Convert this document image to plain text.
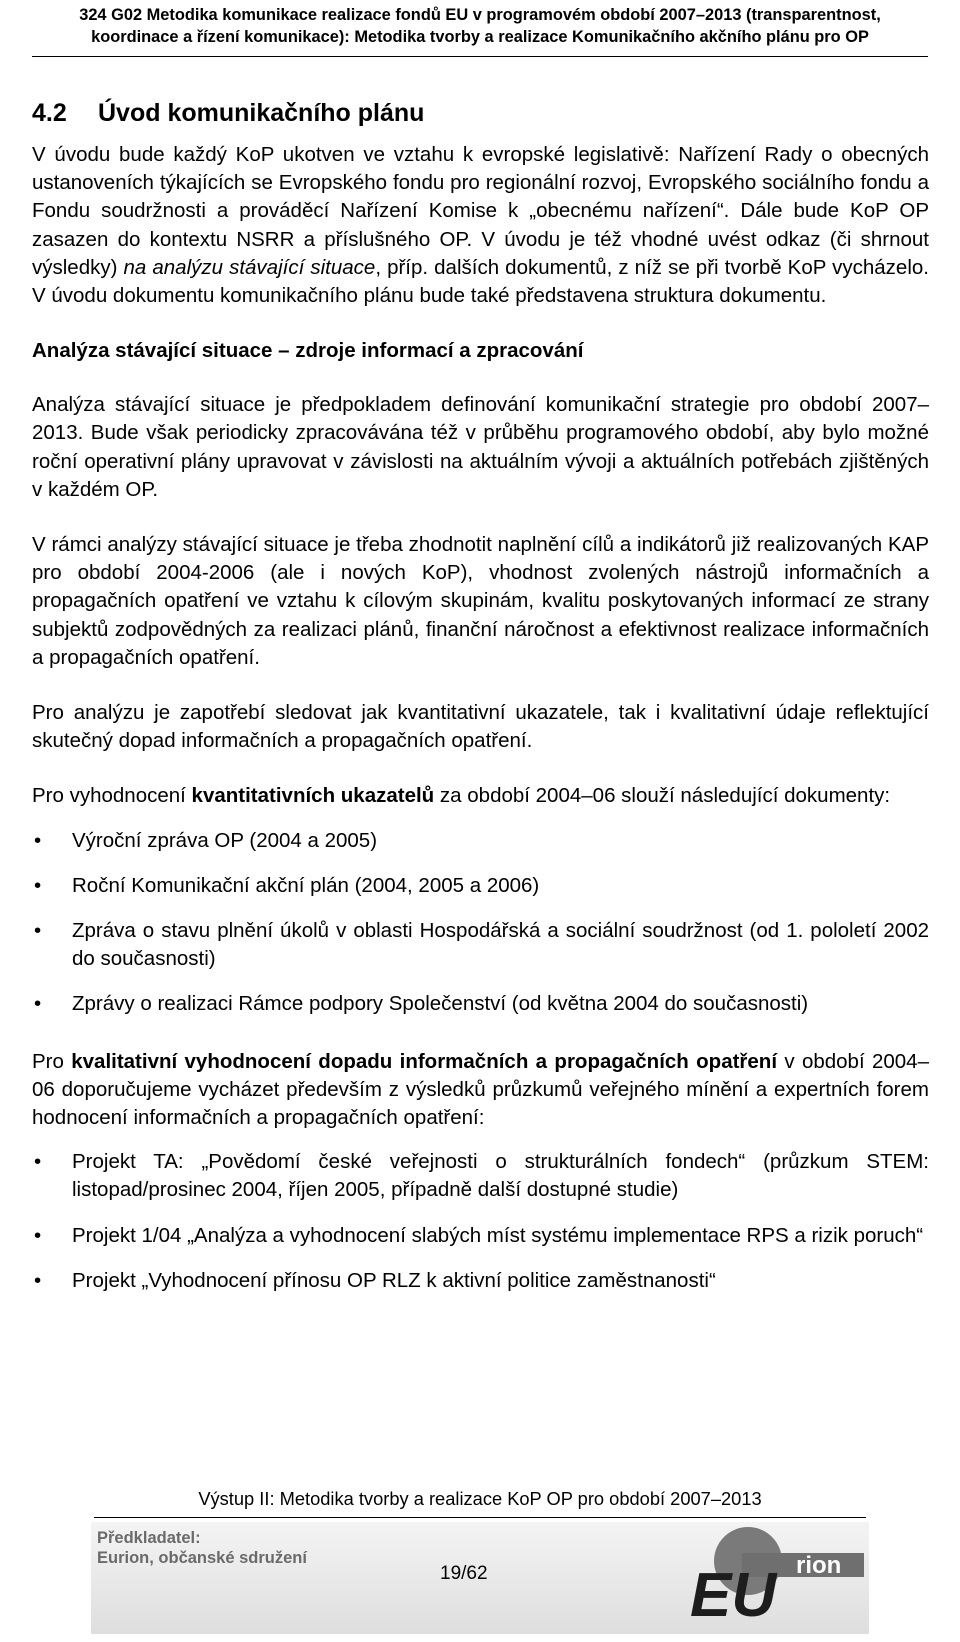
324 G02 Metodika komunikace realizace fondů EU v programovém období 2007–2013 (transparentnost,
koordinace a řízení komunikace): Metodika tvorby a realizace Komunikačního akčního plánu pro OP
4.2 Úvod komunikačního plánu

V úvodu bude každý KoP ukotven ve vztahu k evropské legislativě: Nařízení Rady o obecných ustanoveních týkajících se Evropského fondu pro regionální rozvoj, Evropského sociálního fondu a Fondu soudržnosti a prováděcí Nařízení Komise k „obecnému nařízení“. Dále bude KoP OP zasazen do kontextu NSRR a příslušného OP. V úvodu je též vhodné uvést odkaz (či shrnout výsledky) na analýzu stávající situace, příp. dalších dokumentů, z níž se při tvorbě KoP vycházelo. V úvodu dokumentu komunikačního plánu bude také představena struktura dokumentu.

Analýza stávající situace – zdroje informací a zpracování

Analýza stávající situace je předpokladem definování komunikační strategie pro období 2007–2013. Bude však periodicky zpracovávána též v průběhu programového období, aby bylo možné roční operativní plány upravovat v závislosti na aktuálním vývoji a aktuálních potřebách zjištěných v každém OP.

V rámci analýzy stávající situace je třeba zhodnotit naplnění cílů a indikátorů již realizovaných KAP pro období 2004-2006 (ale i nových KoP), vhodnost zvolených nástrojů informačních a propagačních opatření ve vztahu k cílovým skupinám, kvalitu poskytovaných informací ze strany subjektů zodpovědných za realizaci plánů, finanční náročnost a efektivnost realizace informačních a propagačních opatření.

Pro analýzu je zapotřebí sledovat jak kvantitativní ukazatele, tak i kvalitativní údaje reflektující skutečný dopad informačních a propagačních opatření.

Pro vyhodnocení kvantitativních ukazatelů za období 2004–06 slouží následující dokumenty:

• Výroční zpráva OP (2004 a 2005)
• Roční Komunikační akční plán (2004, 2005 a 2006)
• Zpráva o stavu plnění úkolů v oblasti Hospodářská a sociální soudržnost (od 1. pololetí 2002 do současnosti)
• Zprávy o realizaci Rámce podpory Společenství (od května 2004 do současnosti)

Pro kvalitativní vyhodnocení dopadu informačních a propagačních opatření v období 2004–06 doporučujeme vycházet především z výsledků průzkumů veřejného mínění a expertních forem hodnocení informačních a propagačních opatření:

• Projekt TA: „Povědomí české veřejnosti o strukturálních fondech“ (průzkum STEM: listopad/prosinec 2004, říjen 2005, případně další dostupné studie)
• Projekt 1/04 „Analýza a vyhodnocení slabých míst systému implementace RPS a rizik poruch“
• Projekt „Vyhodnocení přínosu OP RLZ k aktivní politice zaměstnanosti“
Výstup II: Metodika tvorby a realizace KoP OP pro období 2007–2013
Předkladatel:
Eurion, občanské sdružení
19/62	EU rion
